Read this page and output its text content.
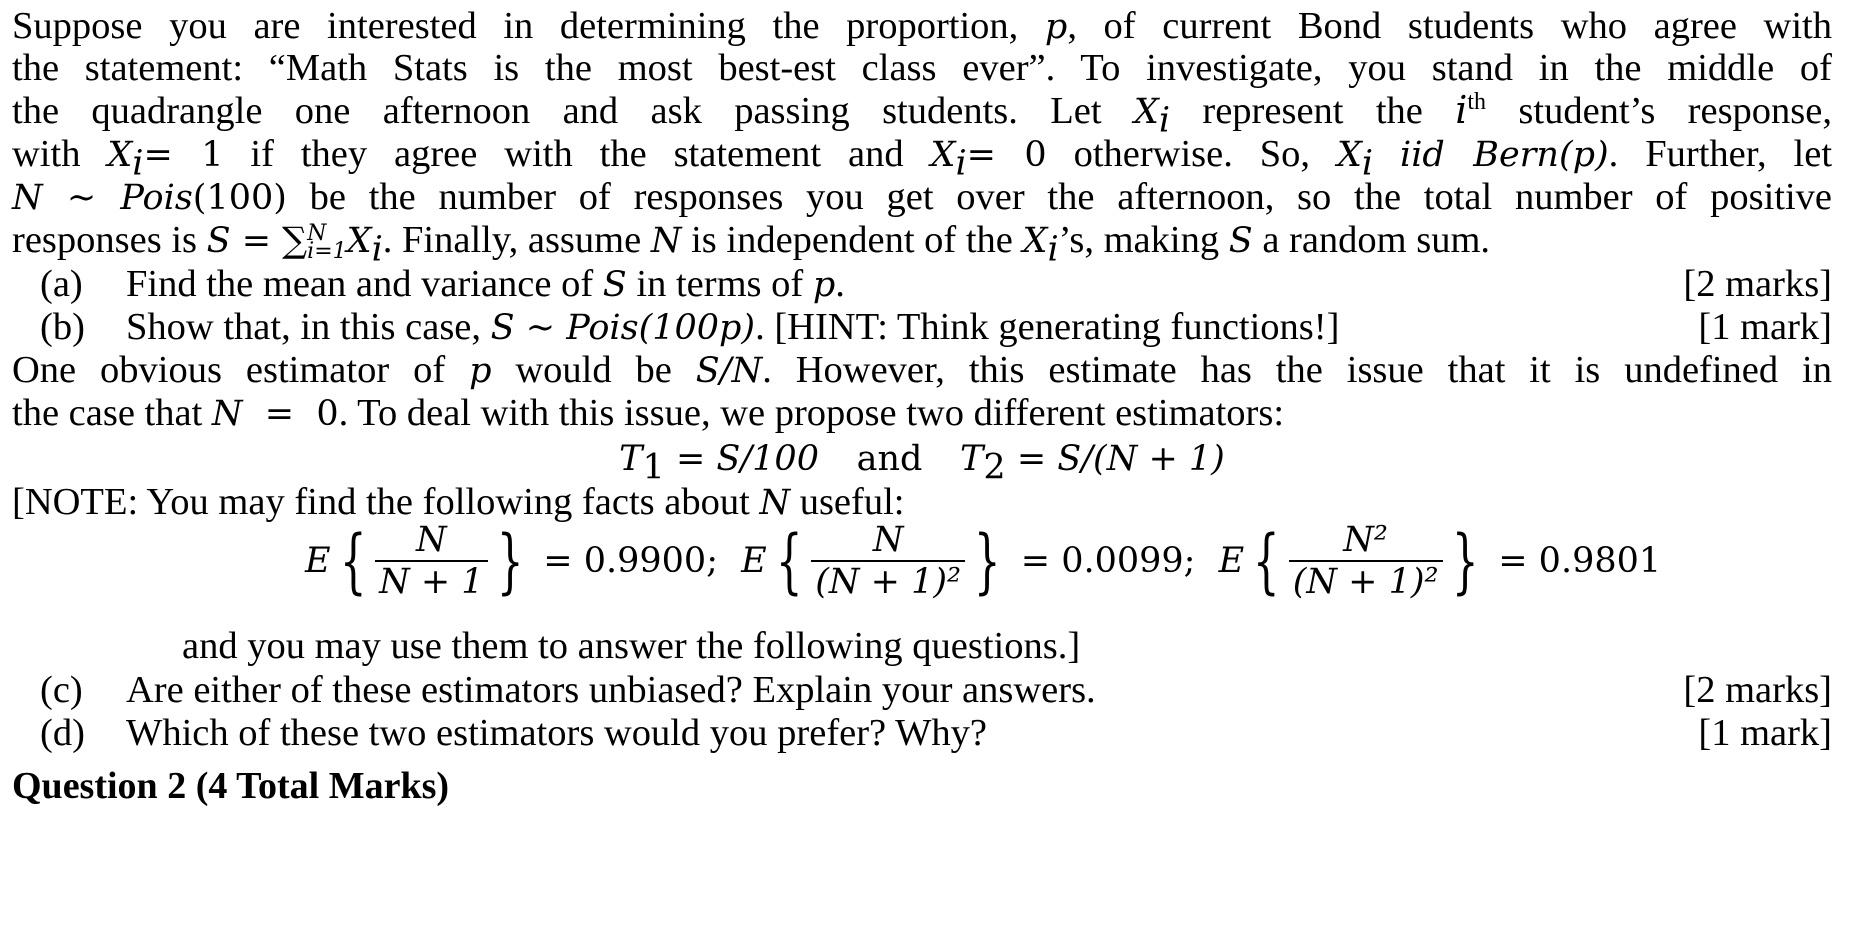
Suppose you are interested in determining the proportion, p, of current Bond students who agree with
the statement: “Math Stats is the most best-est class ever”. To investigate, you stand in the middle of
the quadrangle one afternoon and ask passing students. Let $X_i$ represent the $i^{th}$ student’s response,
with $X_i= 1$ if they agree with the statement and $X_i= 0$ otherwise. So, $X_i$ iid Bern(p). Further, let
N ~ Pois(100) be the number of responses you get over the afternoon, so the total number of positive
responses is S = ∑ N
i=1 $X_i$. Finally, assume N is independent of the $X_i’s$, making S a random sum.
(a) Find the mean and variance of S in terms of p.	[2 marks]
(b) Show that, in this case, S ~ Pois(100p). [HINT: Think generating functions!]	[1 mark]
One obvious estimator of p would be S/N. However, this estimate has the issue that it is undefined in
the case that N  =  0. To deal with this issue, we propose two different estimators:
$T_1 = S/100$ and $T_2 = S/(N + 1)$
[NOTE: You may find the following facts about N useful:
E { $\frac{N}{N + 1}$ } = 0.9900; E { $\frac{N}{\text{(N + 1)²}}$ } = 0.0099; E { $\frac{\text{N²}}{\text{(N + 1)²}}$ } = 0.9801
and you may use them to answer the following questions.]
(c) Are either of these estimators unbiased? Explain your answers.	[2 marks]
(d) Which of these two estimators would you prefer? Why?	[1 mark]
Question 2 (4 Total Marks)
